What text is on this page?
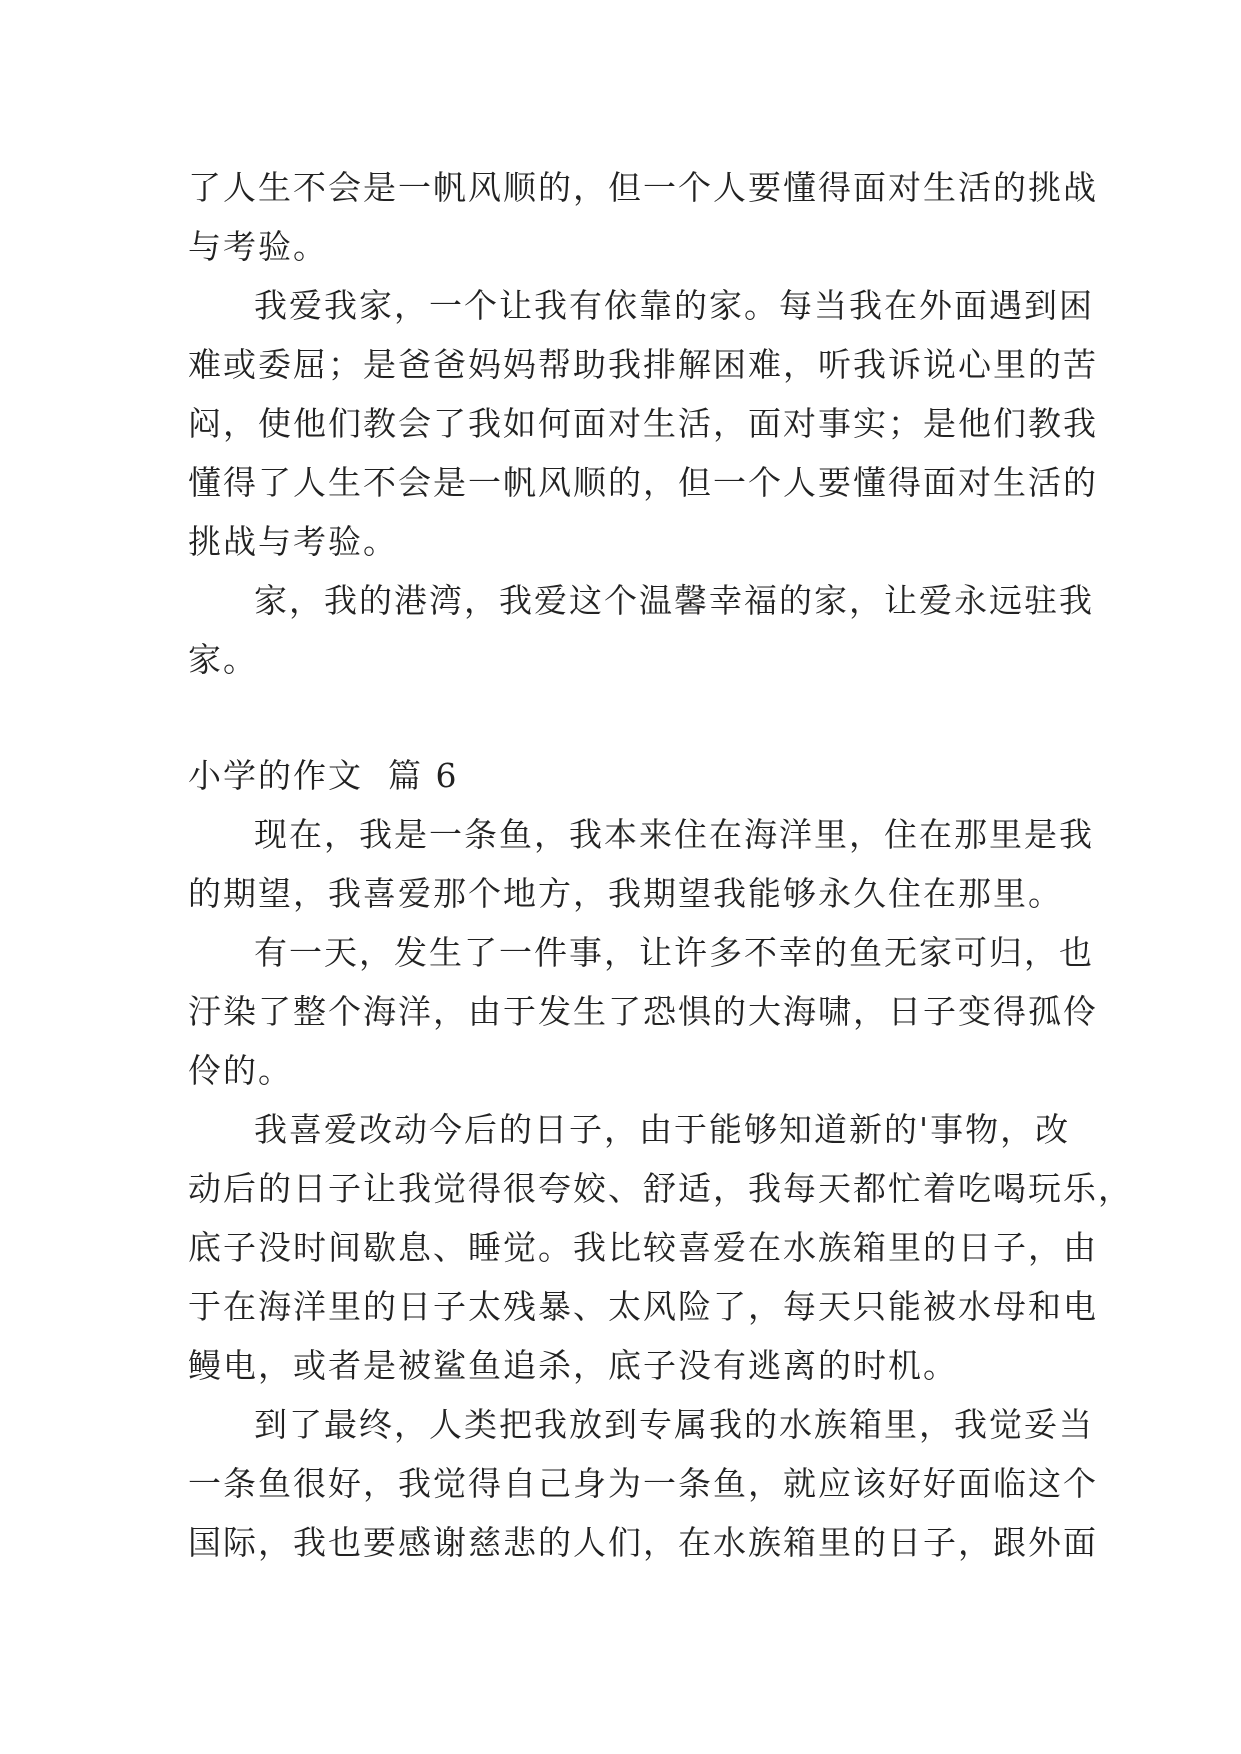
了人生不会是一帆风顺的，但一个人要懂得面对生活的挑战
与考验。
我爱我家，一个让我有依靠的家。每当我在外面遇到困
难或委屈；是爸爸妈妈帮助我排解困难，听我诉说心里的苦
闷，使他们教会了我如何面对生活，面对事实；是他们教我
懂得了人生不会是一帆风顺的，但一个人要懂得面对生活的
挑战与考验。
家，我的港湾，我爱这个温馨幸福的家，让爱永远驻我
家。
小学的作文  篇 6
现在，我是一条鱼，我本来住在海洋里，住在那里是我
的期望，我喜爱那个地方，我期望我能够永久住在那里。
有一天，发生了一件事，让许多不幸的鱼无家可归，也
汙染了整个海洋，由于发生了恐惧的大海啸，日子变得孤伶
伶的。
我喜爱改动今后的日子，由于能够知道新的'事物，改
动后的日子让我觉得很夸姣、舒适，我每天都忙着吃喝玩乐，
底子没时间歇息、睡觉。我比较喜爱在水族箱里的日子，由
于在海洋里的日子太残暴、太风险了，每天只能被水母和电
鳗电，或者是被鲨鱼追杀，底子没有逃离的时机。
到了最终，人类把我放到专属我的水族箱里，我觉妥当
一条鱼很好，我觉得自己身为一条鱼，就应该好好面临这个
国际，我也要感谢慈悲的人们，在水族箱里的日子，跟外面
